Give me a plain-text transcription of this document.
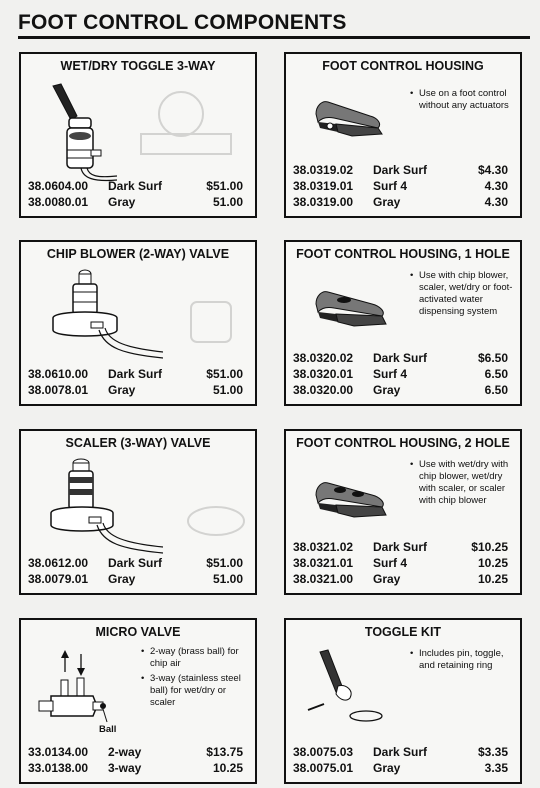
FOOT CONTROL COMPONENTS
WET/DRY TOGGLE 3-WAY
38.0604.00 Dark Surf	$51.00
38.0080.01 Gray	51.00
FOOT CONTROL HOUSING
• Use on a foot control without any actuators
38.0319.02 Dark Surf	$4.30
38.0319.01 Surf 4	4.30
38.0319.00 Gray	4.30
CHIP BLOWER (2-WAY) VALVE
38.0610.00 Dark Surf	$51.00
38.0078.01 Gray	51.00
FOOT CONTROL HOUSING, 1 HOLE
• Use with chip blower, scaler, wet/dry or foot-activated water dispensing system
38.0320.02 Dark Surf	$6.50
38.0320.01 Surf 4	6.50
38.0320.00 Gray	6.50
SCALER (3-WAY) VALVE
38.0612.00 Dark Surf	$51.00
38.0079.01 Gray	51.00
FOOT CONTROL HOUSING, 2 HOLE
• Use with wet/dry with chip blower, wet/dry with scaler, or scaler with chip blower
38.0321.02 Dark Surf	$10.25
38.0321.01 Surf 4	10.25
38.0321.00 Gray	10.25
MICRO VALVE
Ball
• 2-way (brass ball) for chip air
• 3-way (stainless steel ball) for wet/dry or scaler
33.0134.00 2-way	$13.75
33.0138.00 3-way	10.25
TOGGLE KIT
• Includes pin, toggle, and retaining ring
38.0075.03 Dark Surf	$3.35
38.0075.01 Gray	3.35
